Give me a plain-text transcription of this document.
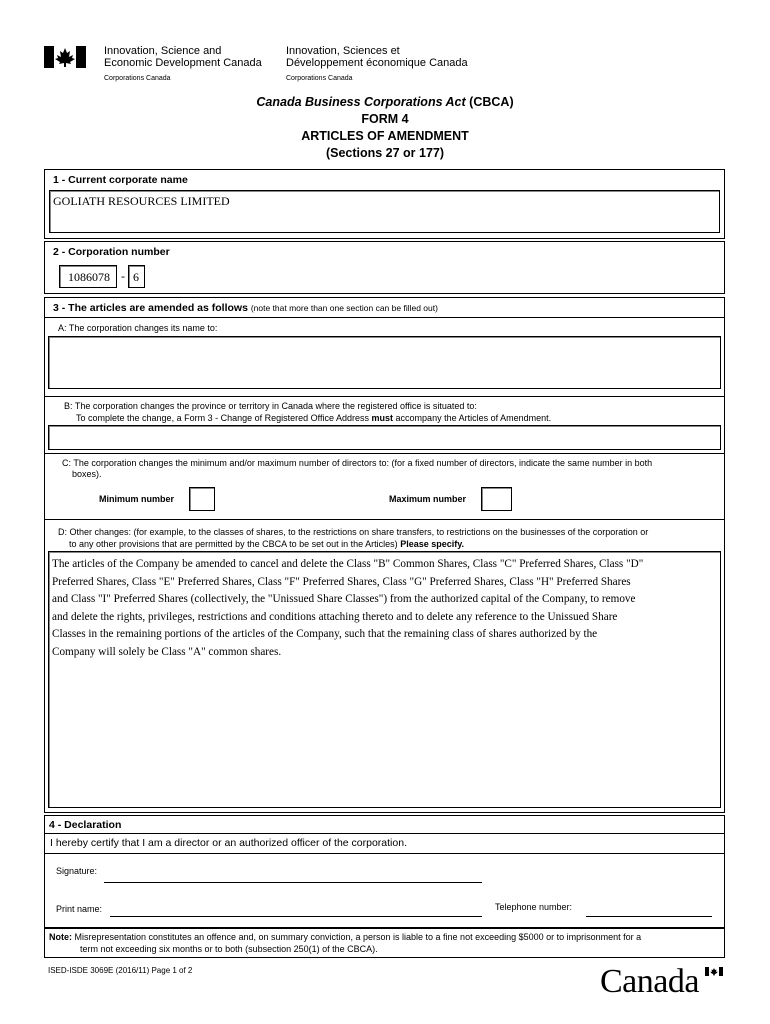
Innovation, Science and
Economic Development Canada
Corporations Canada
Innovation, Sciences et
Développement économique Canada
Corporations Canada
Canada Business Corporations Act (CBCA)
FORM 4
ARTICLES OF AMENDMENT
(Sections 27 or 177)
1 - Current corporate name
GOLIATH RESOURCES LIMITED
2 - Corporation number
1086078 - 6
3 - The articles are amended as follows (note that more than one section can be filled out)
A: The corporation changes its name to:
B: The corporation changes the province or territory in Canada where the registered office is situated to:
To complete the change, a Form 3 - Change of Registered Office Address must accompany the Articles of Amendment.
C: The corporation changes the minimum and/or maximum number of directors to: (for a fixed number of directors, indicate the same number in both
boxes).
Minimum number	Maximum number
D: Other changes: (for example, to the classes of shares, to the restrictions on share transfers, to restrictions on the businesses of the corporation or
to any other provisions that are permitted by the CBCA to be set out in the Articles) Please specify.
The articles of the Company be amended to cancel and delete the Class "B" Common Shares, Class "C" Preferred Shares, Class "D"
Preferred Shares, Class "E" Preferred Shares, Class "F" Preferred Shares, Class "G" Preferred Shares, Class "H" Preferred Shares
and Class "I" Preferred Shares (collectively, the "Unissued Share Classes") from the authorized capital of the Company, to remove
and delete the rights, privileges, restrictions and conditions attaching thereto and to delete any reference to the Unissued Share
Classes in the remaining portions of the articles of the Company, such that the remaining class of shares authorized by the
Company will solely be Class "A" common shares.
4 - Declaration
I hereby certify that I am a director or an authorized officer of the corporation.
Signature:
Print name:	Telephone number:
Note: Misrepresentation constitutes an offence and, on summary conviction, a person is liable to a fine not exceeding $5000 or to imprisonment for a
term not exceeding six months or to both (subsection 250(1) of the CBCA).
ISED-ISDE 3069E (2016/11) Page 1 of 2	Canada
